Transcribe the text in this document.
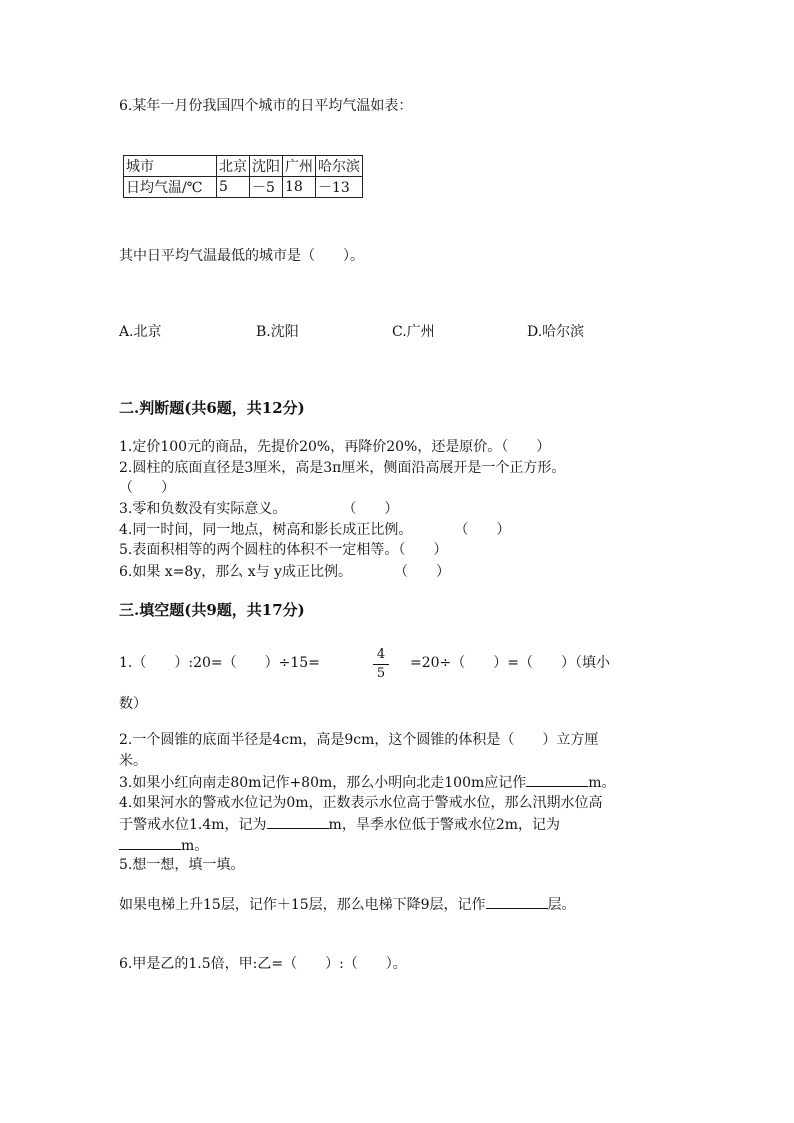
6.某年一月份我国四个城市的日平均气温如表：
城市	北京	沈阳	广州	哈尔滨
日均气温/℃	5	－5	18	－13
其中日平均气温最低的城市是（　　）。
A.北京	B.沈阳	C.广州	D.哈尔滨
二.判断题(共6题，共12分)
1.定价100元的商品，先提价20%，再降价20%，还是原价。（　　）
2.圆柱的底面直径是3厘米，高是3π厘米，侧面沿高展开是一个正方形。
（　　）
3.零和负数没有实际意义。　　　　　（　　）
4.同一时间，同一地点，树高和影长成正比例。　　　　（　　）
5.表面积相等的两个圆柱的体积不一定相等。（　　）
6.如果 x=8y，那么 x与 y成正比例。　　　　（　　）
三.填空题(共9题，共17分)
1.（　　）:20=（　　）÷15=
4
5
=20÷（　　）=（　　）（填小
数）
2.一个圆锥的底面半径是4cm，高是9cm，这个圆锥的体积是（　　）立方厘
米。
3.如果小红向南走80m记作+80m，那么小明向北走100m应记作	m。
4.如果河水的警戒水位记为0m，正数表示水位高于警戒水位，那么汛期水位高
于警戒水位1.4m，记为	m，旱季水位低于警戒水位2m，记为
m。
5.想一想，填一填。
如果电梯上升15层，记作＋15层，那么电梯下降9层，记作	层。
6.甲是乙的1.5倍，甲:乙=（　　）:（　　）。
